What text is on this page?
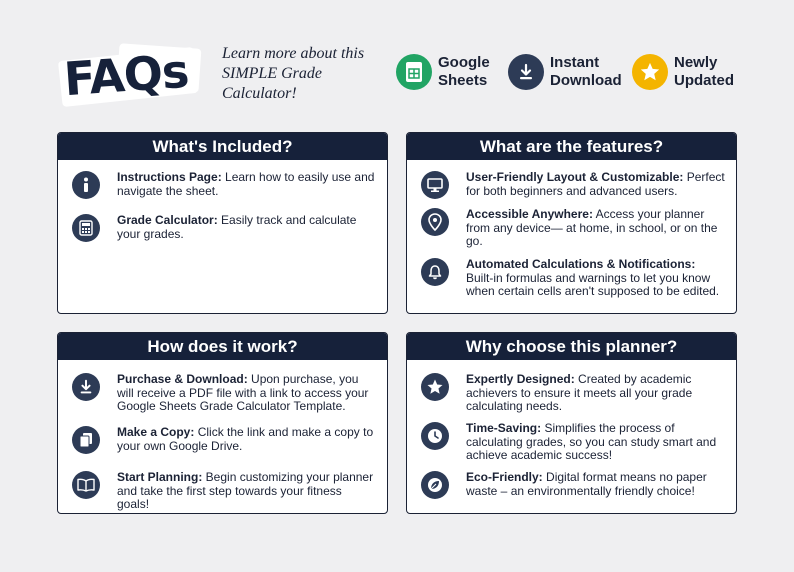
FAQs Learn more about this
SIMPLE Grade
Calculator!
Google
Sheets
Instant
Download
Newly
Updated
What's Included?
Instructions Page: Learn how to easily use and navigate the sheet.
Grade Calculator: Easily track and calculate your grades.
What are the features?
User-Friendly Layout & Customizable: Perfect for both beginners and advanced users.
Accessible Anywhere: Access your planner from any device— at home, in school, or on the go.
Automated Calculations & Notifications: Built-in formulas and warnings to let you know when certain cells aren't supposed to be edited.
How does it work?
Purchase & Download: Upon purchase, you will receive a PDF file with a link to access your Google Sheets Grade Calculator Template.
Make a Copy: Click the link and make a copy to your own Google Drive.
Start Planning: Begin customizing your planner and take the first step towards your fitness goals!
Why choose this planner?
Expertly Designed: Created by academic achievers to ensure it meets all your grade calculating needs.
Time-Saving: Simplifies the process of calculating grades, so you can study smart and achieve academic success!
Eco-Friendly: Digital format means no paper waste – an environmentally friendly choice!
